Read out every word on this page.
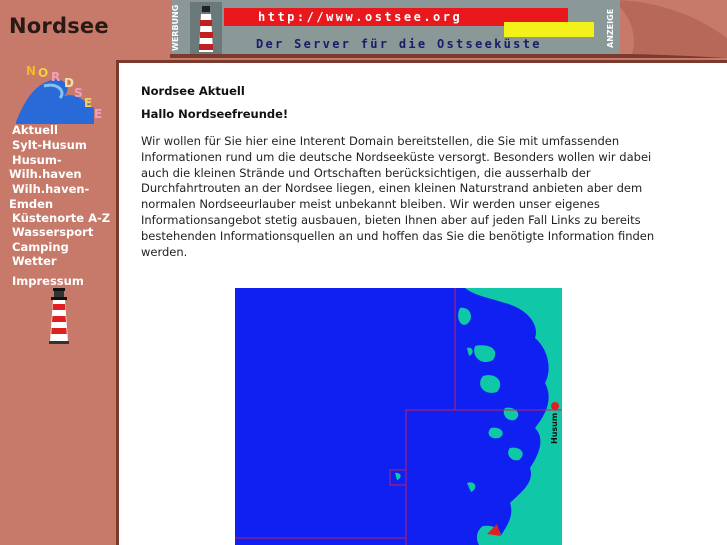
Nordsee	WERBUNG	http://www.ostsee.org
Der Server für die Ostseeküste	ANZEIGE
N O R D
S
E
E
Aktuell
Sylt-Husum
Husum-
Wilh.haven
Wilh.haven-
Emden
Küstenorte A-Z
Wassersport
Camping
Wetter
Impressum
Nordsee Aktuell
Hallo Nordseefreunde!
Wir wollen für Sie hier eine Interent Domain bereitstellen, die Sie mit umfassenden Informationen rund um die deutsche Nordseeküste versorgt. Besonders wollen wir dabei auch die kleinen Strände und Ortschaften berücksichtigen, die ausserhalb der Durchfahrtrouten an der Nordsee liegen, einen kleinen Naturstrand anbieten aber dem normalen Nordseeurlauber meist unbekannt bleiben. Wir werden unser eigenes Informationsangebot stetig ausbauen, bieten Ihnen aber auf jeden Fall Links zu bereits bestehenden Informationsquellen an und hoffen das Sie die benötigte Information finden werden.
Husum
